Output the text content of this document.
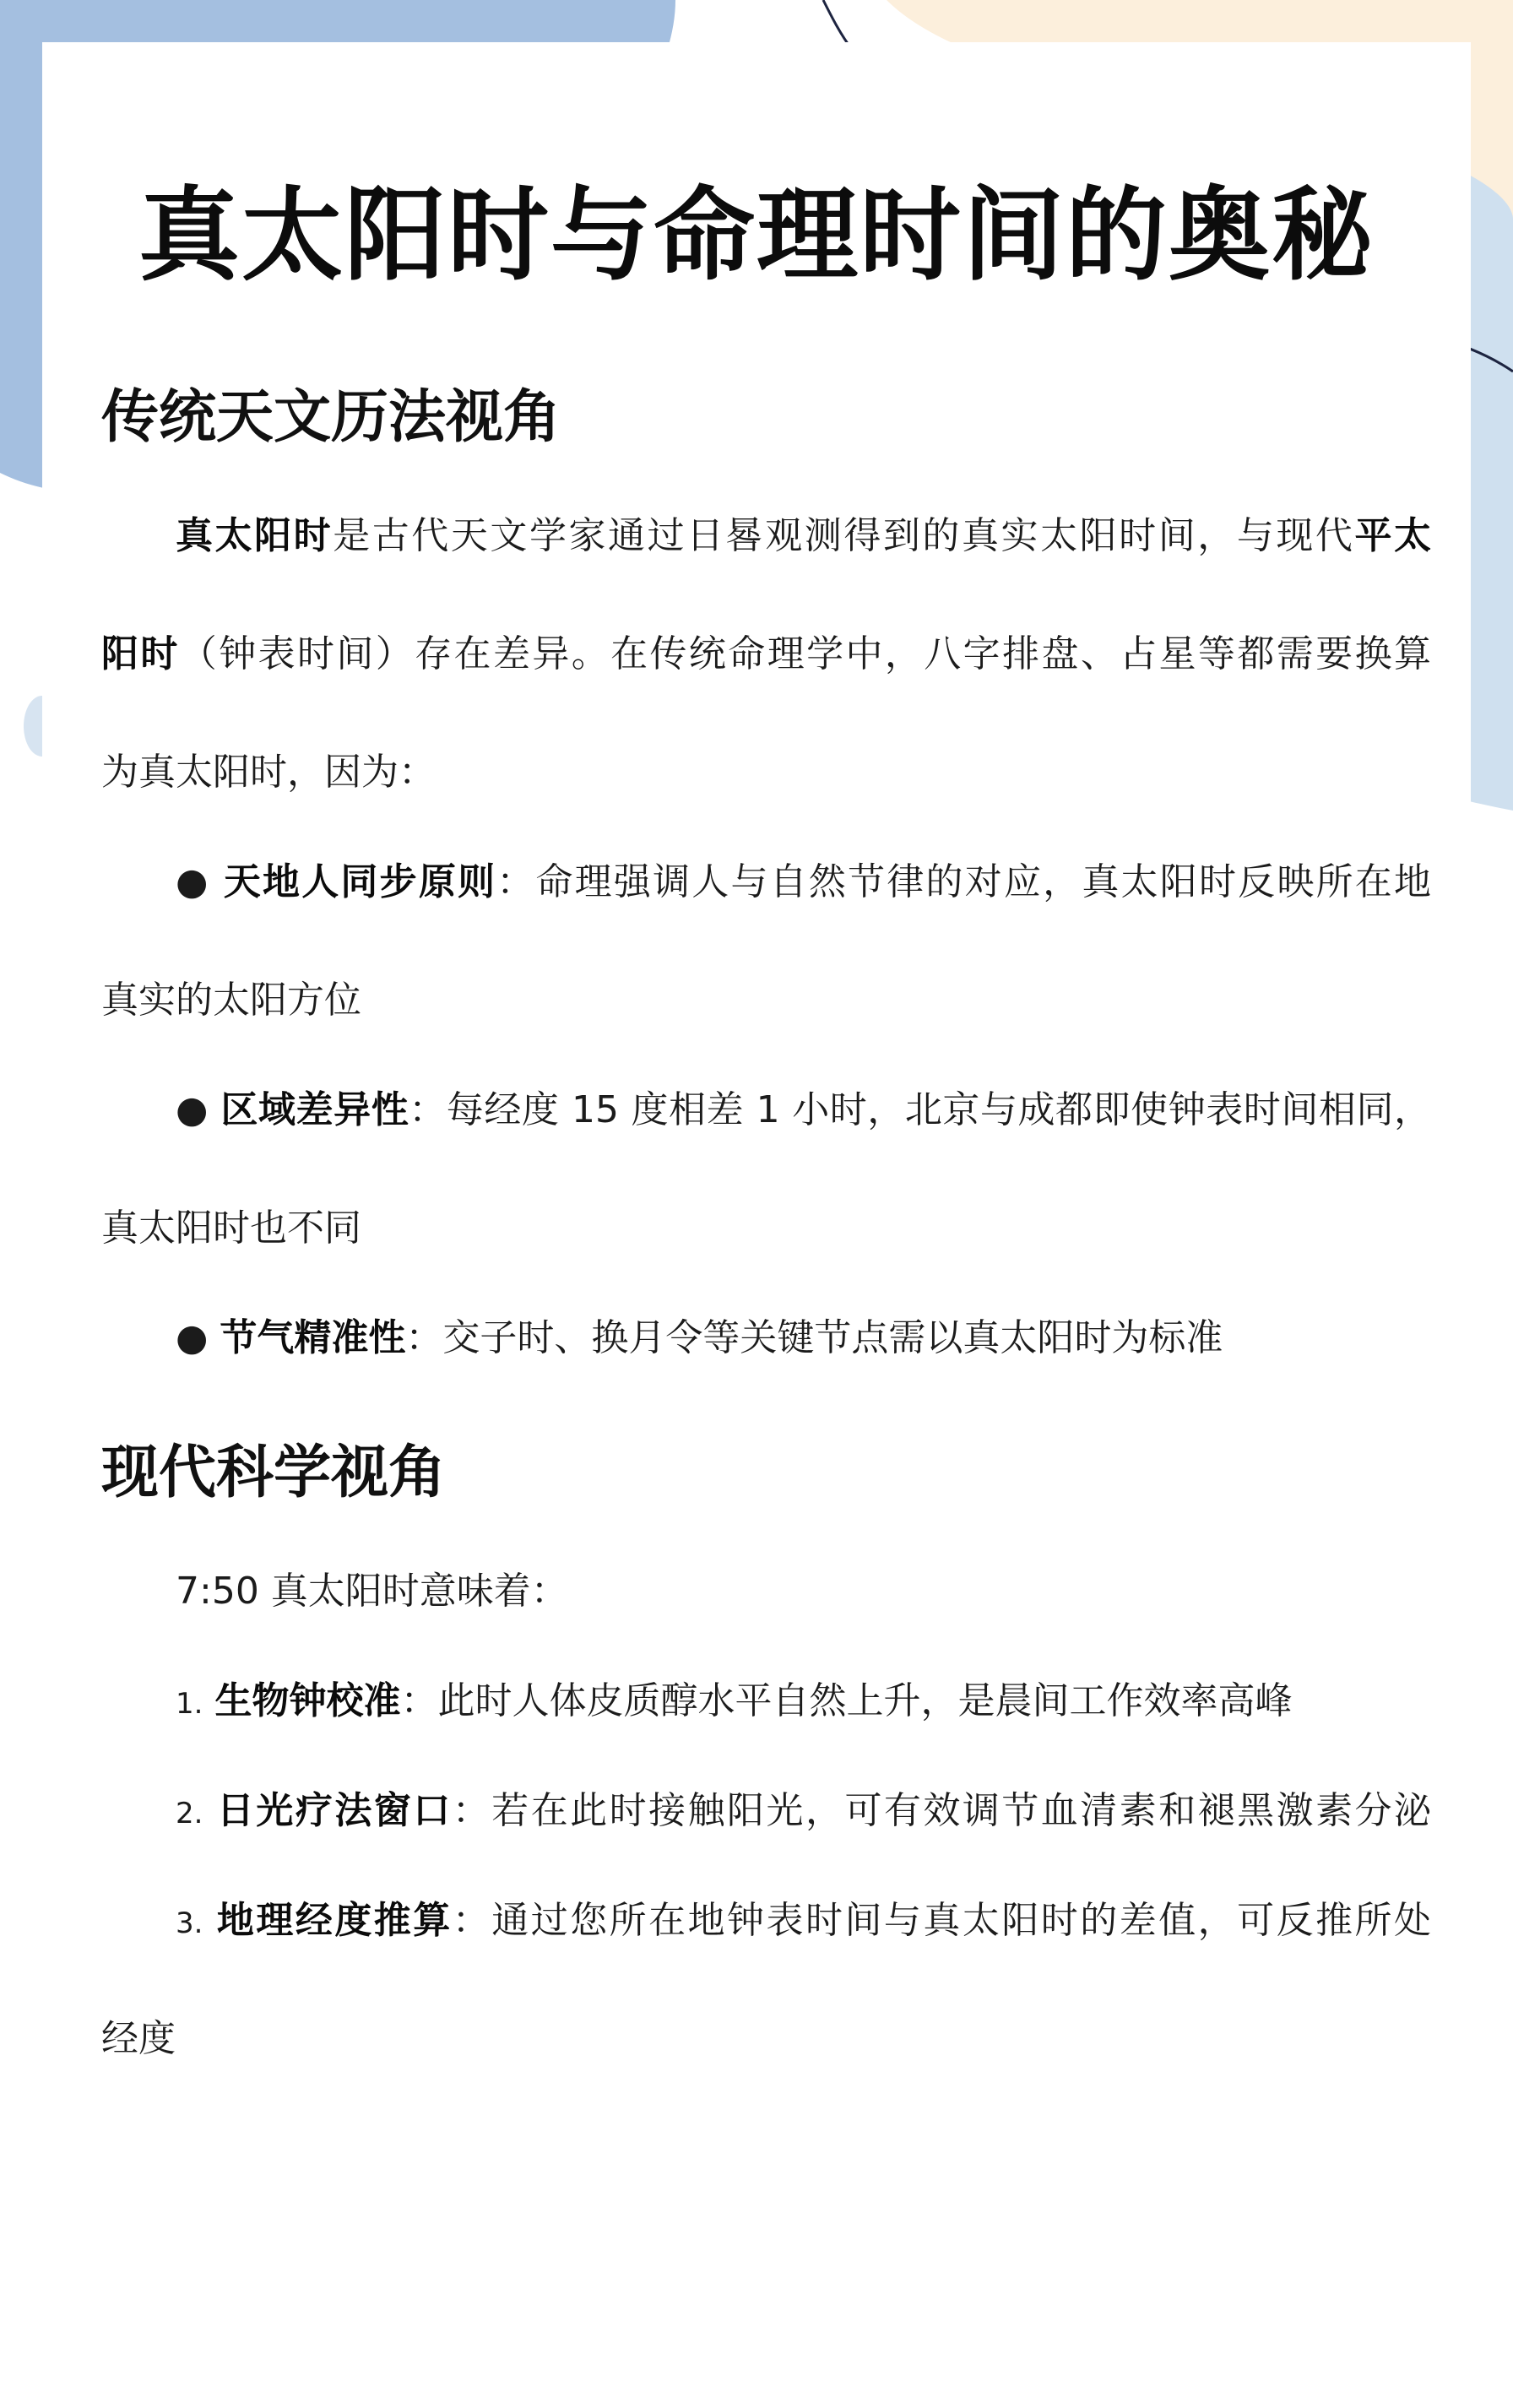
真太阳时与命理时间的奥秘
传统天文历法视角

真太阳时是古代天文学家通过日晷观测得到的真实太阳时间，与现代平太

阳时（钟表时间）存在差异。在传统命理学中，八字排盘、占星等都需要换算

为真太阳时，因为：

● 天地人同步原则：命理强调人与自然节律的对应，真太阳时反映所在地

真实的太阳方位

● 区域差异性：每经度 15 度相差 1 小时，北京与成都即使钟表时间相同，

真太阳时也不同

● 节气精准性：交子时、换月令等关键节点需以真太阳时为标准

现代科学视角

7:50 真太阳时意味着：

1. 生物钟校准：此时人体皮质醇水平自然上升，是晨间工作效率高峰

2. 日光疗法窗口：若在此时接触阳光，可有效调节血清素和褪黑激素分泌

3. 地理经度推算：通过您所在地钟表时间与真太阳时的差值，可反推所处

经度
